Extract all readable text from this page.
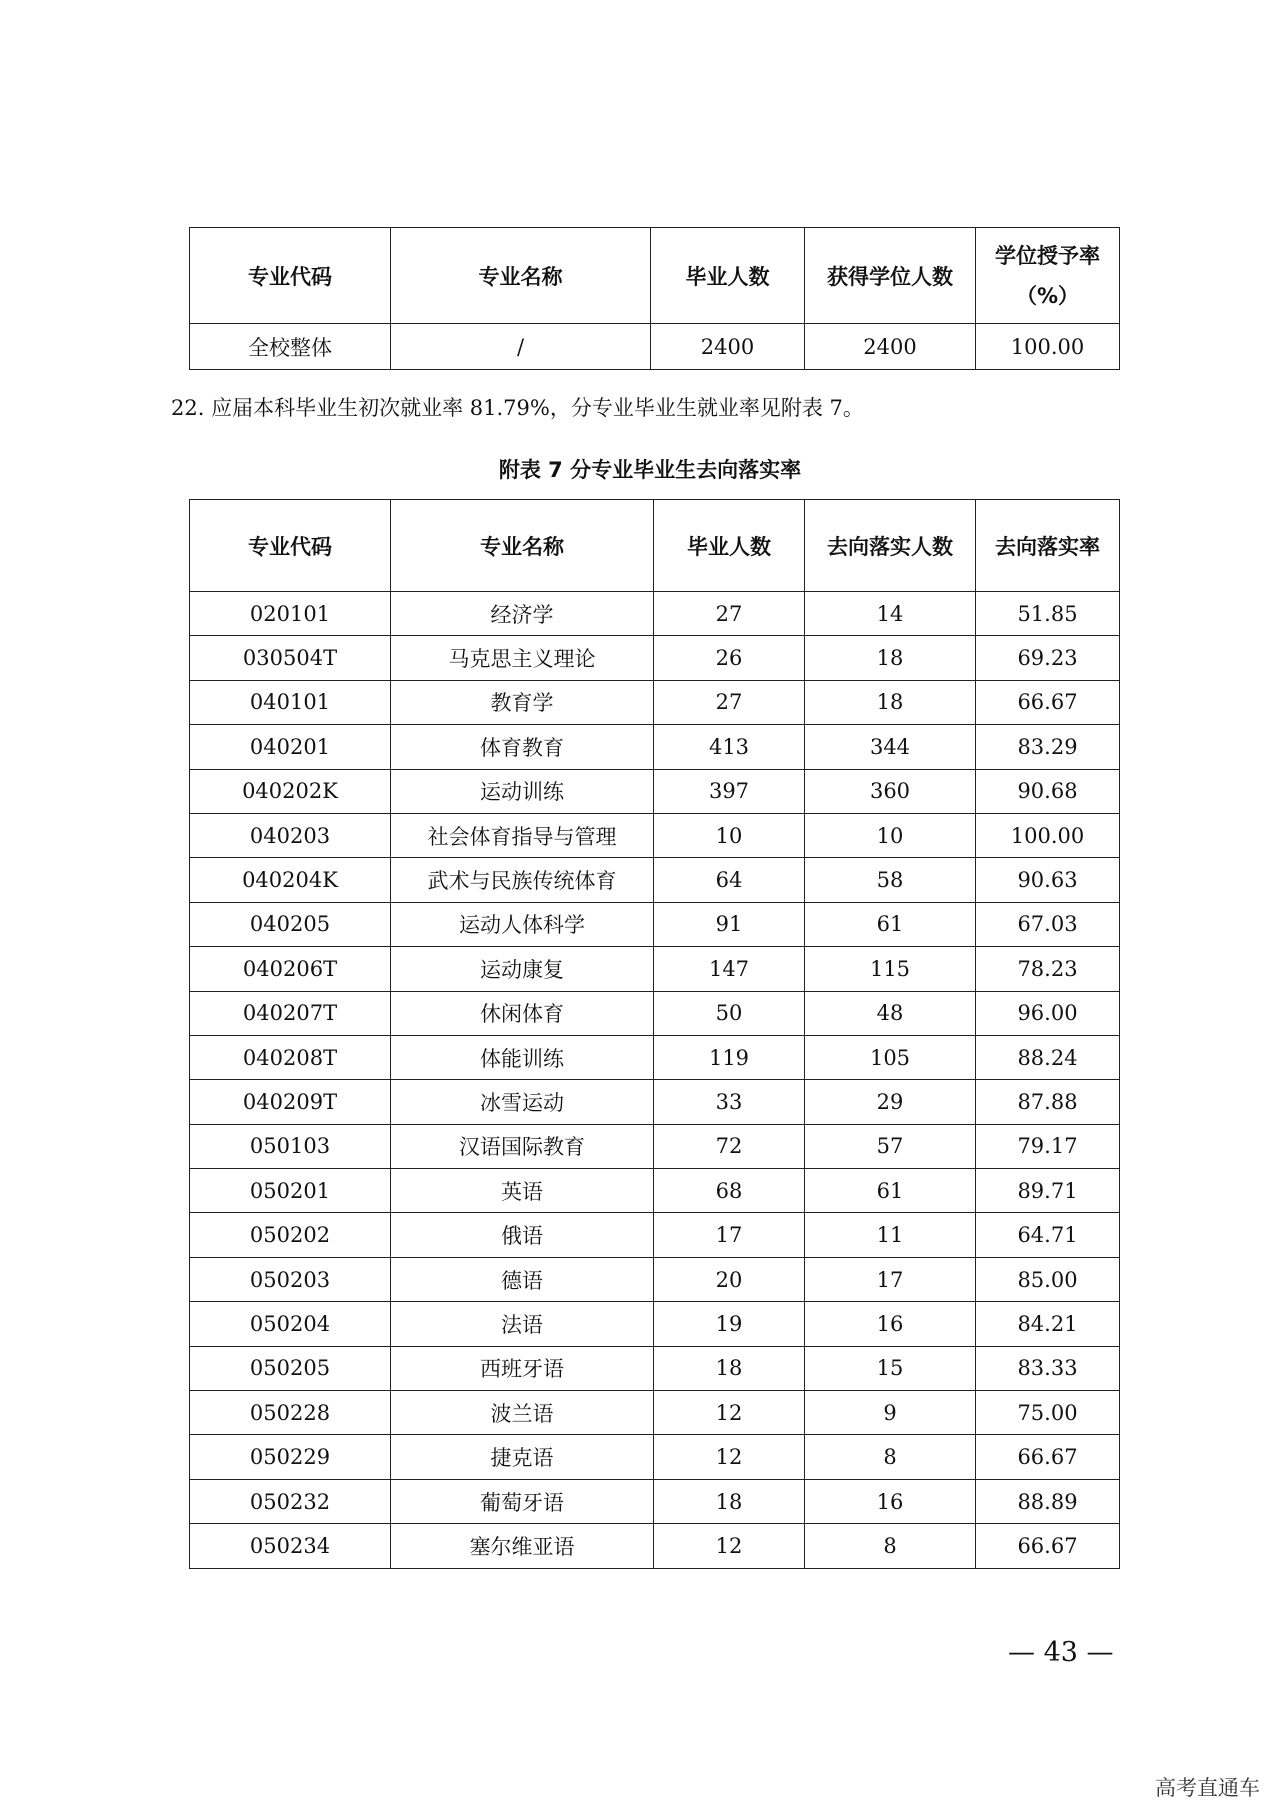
专业代码	专业名称	毕业人数	获得学位人数	学位授予率
（%）

全校整体	/	2400	2400	100.00
22. 应届本科毕业生初次就业率 81.79%，分专业毕业生就业率见附表 7。
附表 7 分专业毕业生去向落实率
专业代码	专业名称	毕业人数	去向落实人数	去向落实率
020101	经济学	27	14	51.85
030504T	马克思主义理论	26	18	69.23
040101	教育学	27	18	66.67
040201	体育教育	413	344	83.29
040202K	运动训练	397	360	90.68
040203	社会体育指导与管理	10	10	100.00
040204K	武术与民族传统体育	64	58	90.63
040205	运动人体科学	91	61	67.03
040206T	运动康复	147	115	78.23
040207T	休闲体育	50	48	96.00
040208T	体能训练	119	105	88.24
040209T	冰雪运动	33	29	87.88
050103	汉语国际教育	72	57	79.17
050201	英语	68	61	89.71
050202	俄语	17	11	64.71
050203	德语	20	17	85.00
050204	法语	19	16	84.21
050205	西班牙语	18	15	83.33
050228	波兰语	12	9	75.00
050229	捷克语	12	8	66.67
050232	葡萄牙语	18	16	88.89
050234	塞尔维亚语	12	8	66.67
— 43 —
高考直通车
